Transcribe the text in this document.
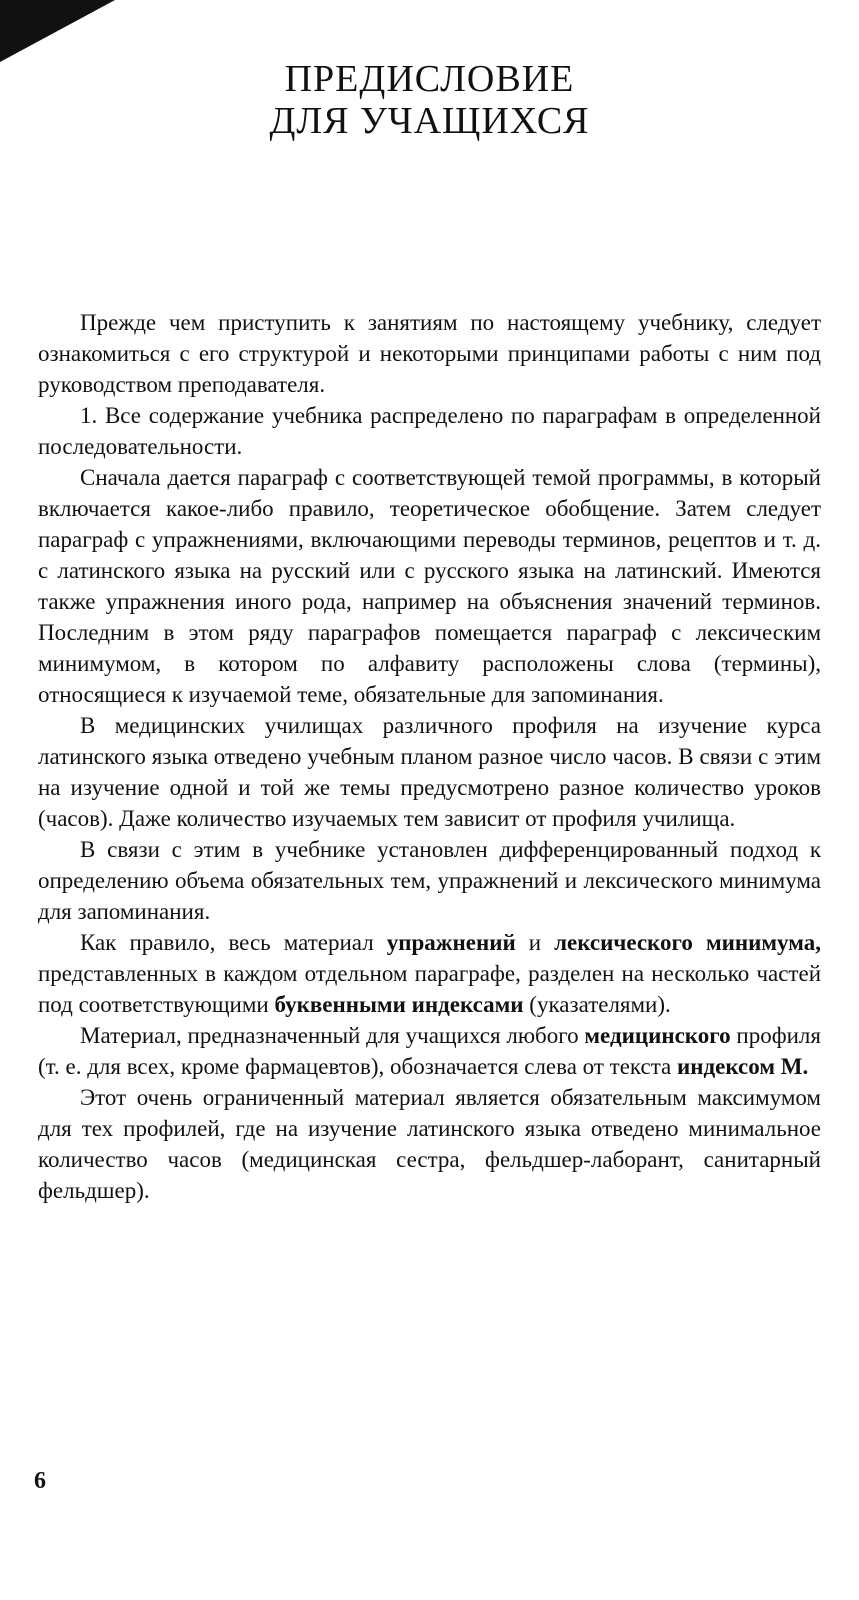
ПРЕДИСЛОВИЕ
ДЛЯ УЧАЩИХСЯ

Прежде чем приступить к занятиям по настоящему учебнику, следует ознакомиться с его структурой и некоторыми принципами работы с ним под руководством преподавателя.

1. Все содержание учебника распределено по параграфам в определенной последовательности.

Сначала дается параграф с соответствующей темой программы, в который включается какое-либо правило, теоретическое обобщение. Затем следует параграф с упражнениями, включающими переводы терминов, рецептов и т. д. с латинского языка на русский или с русского языка на латинский. Имеются также упражнения иного рода, например на объяснения значений терминов. Последним в этом ряду параграфов помещается параграф с лексическим минимумом, в котором по алфавиту расположены слова (термины), относящиеся к изучаемой теме, обязательные для запоминания.

В медицинских училищах различного профиля на изучение курса латинского языка отведено учебным планом разное число часов. В связи с этим на изучение одной и той же темы предусмотрено разное количество уроков (часов). Даже количество изучаемых тем зависит от профиля училища.

В связи с этим в учебнике установлен дифференцированный подход к определению объема обязательных тем, упражнений и лексического минимума для запоминания.

Как правило, весь материал упражнений и лексического минимума, представленных в каждом отдельном параграфе, разделен на несколько частей под соответствующими буквенными индексами (указателями).

Материал, предназначенный для учащихся любого медицинского профиля (т. е. для всех, кроме фармацевтов), обозначается слева от текста индексом М.

Этот очень ограниченный материал является обязательным максимумом для тех профилей, где на изучение латинского языка отведено минимальное количество часов (медицинская сестра, фельдшер-лаборант, санитарный фельдшер).

6
